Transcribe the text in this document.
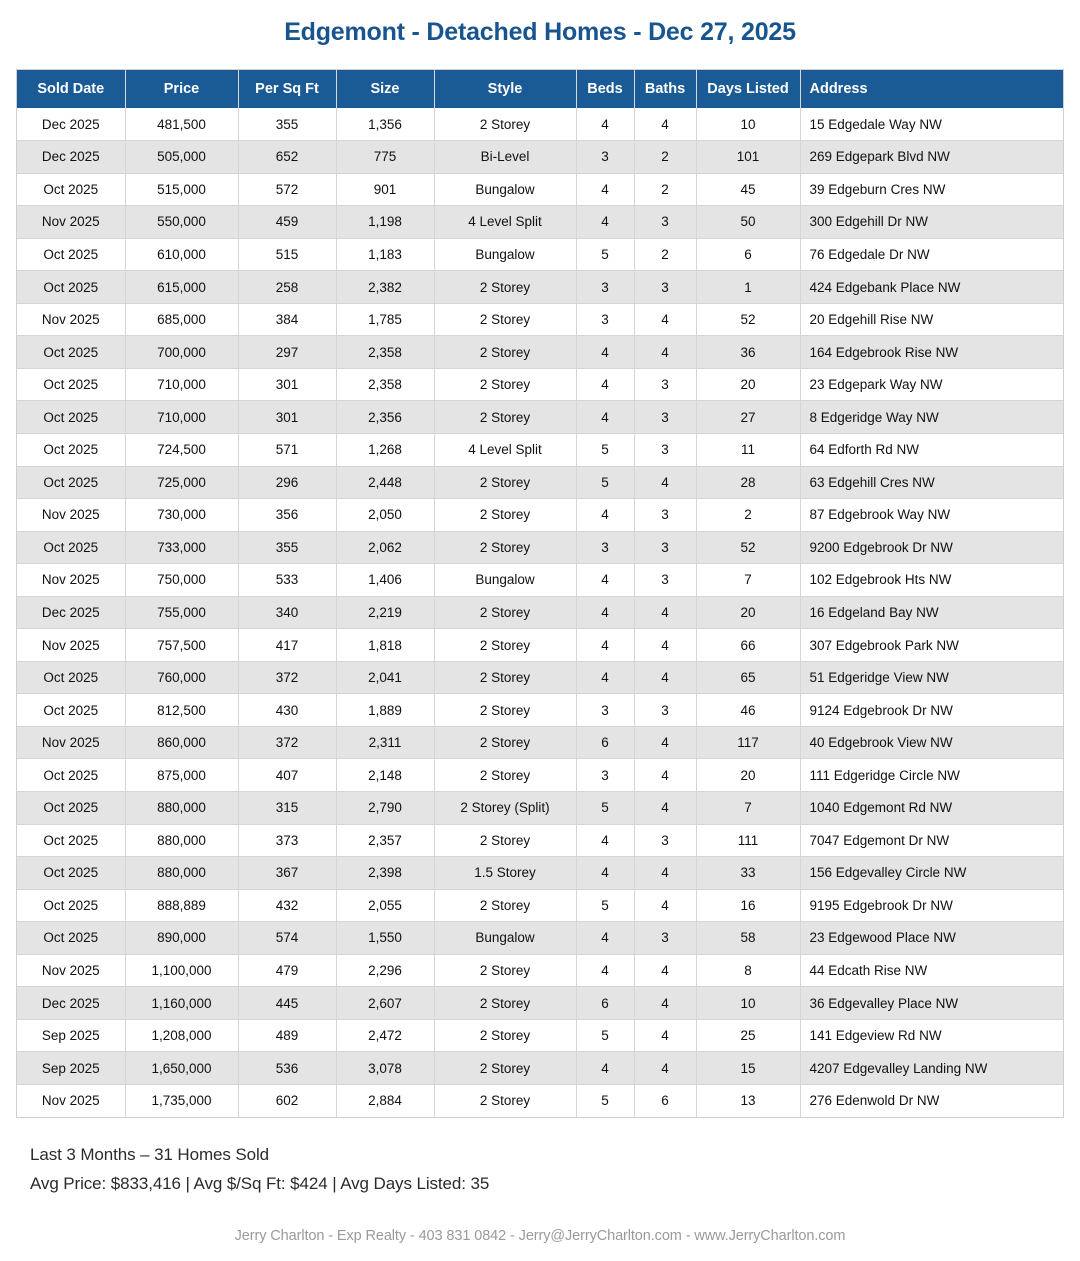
Edgemont - Detached Homes - Dec 27, 2025
Sold Date	Price	Per Sq Ft	Size	Style	Beds	Baths	Days Listed	Address
Dec 2025	481,500	355	1,356	2 Storey	4	4	10	15 Edgedale Way NW
Dec 2025	505,000	652	775	Bi-Level	3	2	101	269 Edgepark Blvd NW
Oct 2025	515,000	572	901	Bungalow	4	2	45	39 Edgeburn Cres NW
Nov 2025	550,000	459	1,198	4 Level Split	4	3	50	300 Edgehill Dr NW
Oct 2025	610,000	515	1,183	Bungalow	5	2	6	76 Edgedale Dr NW
Oct 2025	615,000	258	2,382	2 Storey	3	3	1	424 Edgebank Place NW
Nov 2025	685,000	384	1,785	2 Storey	3	4	52	20 Edgehill Rise NW
Oct 2025	700,000	297	2,358	2 Storey	4	4	36	164 Edgebrook Rise NW
Oct 2025	710,000	301	2,358	2 Storey	4	3	20	23 Edgepark Way NW
Oct 2025	710,000	301	2,356	2 Storey	4	3	27	8 Edgeridge Way NW
Oct 2025	724,500	571	1,268	4 Level Split	5	3	11	64 Edforth Rd NW
Oct 2025	725,000	296	2,448	2 Storey	5	4	28	63 Edgehill Cres NW
Nov 2025	730,000	356	2,050	2 Storey	4	3	2	87 Edgebrook Way NW
Oct 2025	733,000	355	2,062	2 Storey	3	3	52	9200 Edgebrook Dr NW
Nov 2025	750,000	533	1,406	Bungalow	4	3	7	102 Edgebrook Hts NW
Dec 2025	755,000	340	2,219	2 Storey	4	4	20	16 Edgeland Bay NW
Nov 2025	757,500	417	1,818	2 Storey	4	4	66	307 Edgebrook Park NW
Oct 2025	760,000	372	2,041	2 Storey	4	4	65	51 Edgeridge View NW
Oct 2025	812,500	430	1,889	2 Storey	3	3	46	9124 Edgebrook Dr NW
Nov 2025	860,000	372	2,311	2 Storey	6	4	117	40 Edgebrook View NW
Oct 2025	875,000	407	2,148	2 Storey	3	4	20	111 Edgeridge Circle NW
Oct 2025	880,000	315	2,790	2 Storey (Split)	5	4	7	1040 Edgemont Rd NW
Oct 2025	880,000	373	2,357	2 Storey	4	3	111	7047 Edgemont Dr NW
Oct 2025	880,000	367	2,398	1.5 Storey	4	4	33	156 Edgevalley Circle NW
Oct 2025	888,889	432	2,055	2 Storey	5	4	16	9195 Edgebrook Dr NW
Oct 2025	890,000	574	1,550	Bungalow	4	3	58	23 Edgewood Place NW
Nov 2025	1,100,000	479	2,296	2 Storey	4	4	8	44 Edcath Rise NW
Dec 2025	1,160,000	445	2,607	2 Storey	6	4	10	36 Edgevalley Place NW
Sep 2025	1,208,000	489	2,472	2 Storey	5	4	25	141 Edgeview Rd NW
Sep 2025	1,650,000	536	3,078	2 Storey	4	4	15	4207 Edgevalley Landing NW
Nov 2025	1,735,000	602	2,884	2 Storey	5	6	13	276 Edenwold Dr NW
Last 3 Months – 31 Homes Sold
Avg Price: $833,416 | Avg $/Sq Ft: $424 | Avg Days Listed: 35
Jerry Charlton - Exp Realty - 403 831 0842 - Jerry@JerryCharlton.com - www.JerryCharlton.com
